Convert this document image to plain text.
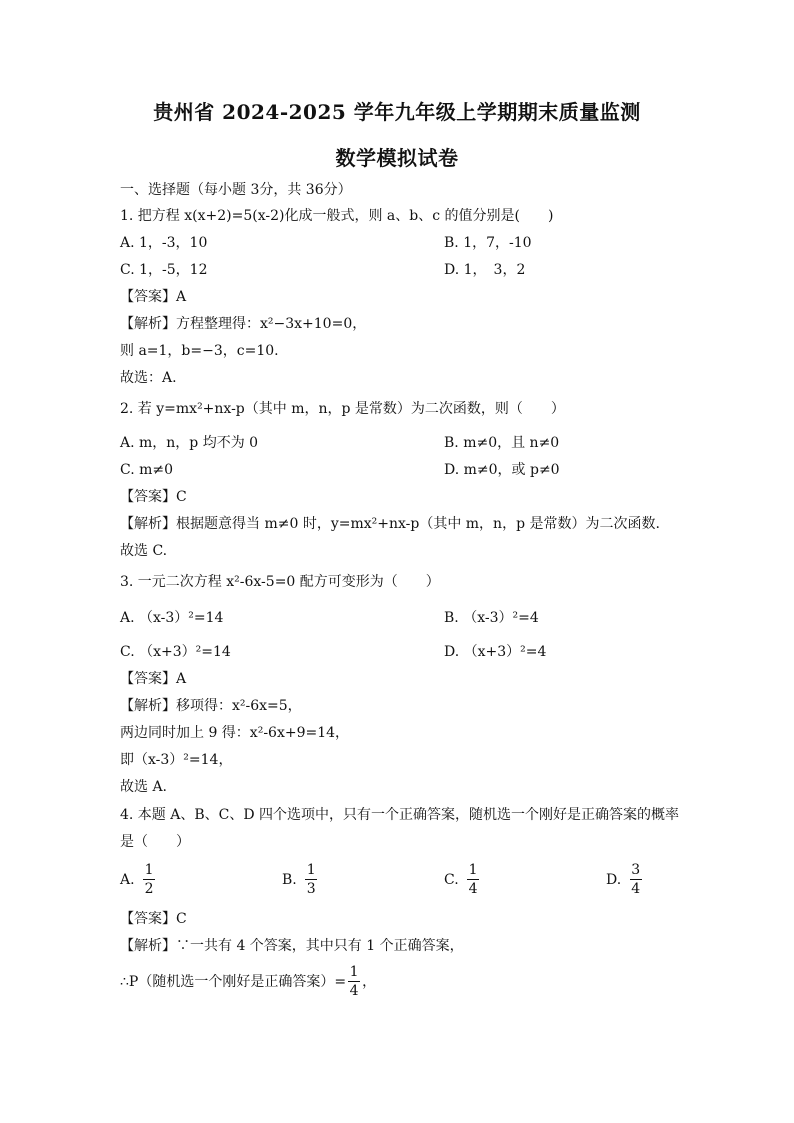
贵州省 2024-2025 学年九年级上学期期末质量监测
数学模拟试卷
一、选择题（每小题 3分，共 36分）
1. 把方程 x(x+2)=5(x-2)化成一般式，则 a、b、c 的值分别是(　　)
A. 1，-3，10	B. 1，7，-10
C. 1，-5，12	D. 1，　3，2
【答案】A
【解析】方程整理得：x²−3x+10=0，
则 a=1，b=−3，c=10.
故选：A.
2. 若 y=mx²+nx-p（其中 m，n，p 是常数）为二次函数，则（　　）
A. m，n，p 均不为 0	B. m≠0，且 n≠0
C. m≠0	D. m≠0，或 p≠0
【答案】C
【解析】根据题意得当 m≠0 时，y=mx²+nx-p（其中 m，n，p 是常数）为二次函数.
故选 C.
3. 一元二次方程 x²-6x-5=0 配方可变形为（　　）
A. （x-3）²=14	B. （x-3）²=4
C. （x+3）²=14	D. （x+3）²=4
【答案】A
【解析】移项得：x²-6x=5，
两边同时加上 9 得：x²-6x+9=14，
即（x-3）²=14，
故选 A.
4. 本题 A、B、C、D 四个选项中，只有一个正确答案，随机选一个刚好是正确答案的概率
是（　　）
A. $\frac{1}{2}$	B. $\frac{1}{3}$	C. $\frac{1}{4}$	D. $\frac{3}{4}$
【答案】C
【解析】∵一共有 4 个答案，其中只有 1 个正确答案，
∴P（随机选一个刚好是正确答案）= $\frac{1}{4}$ ，
